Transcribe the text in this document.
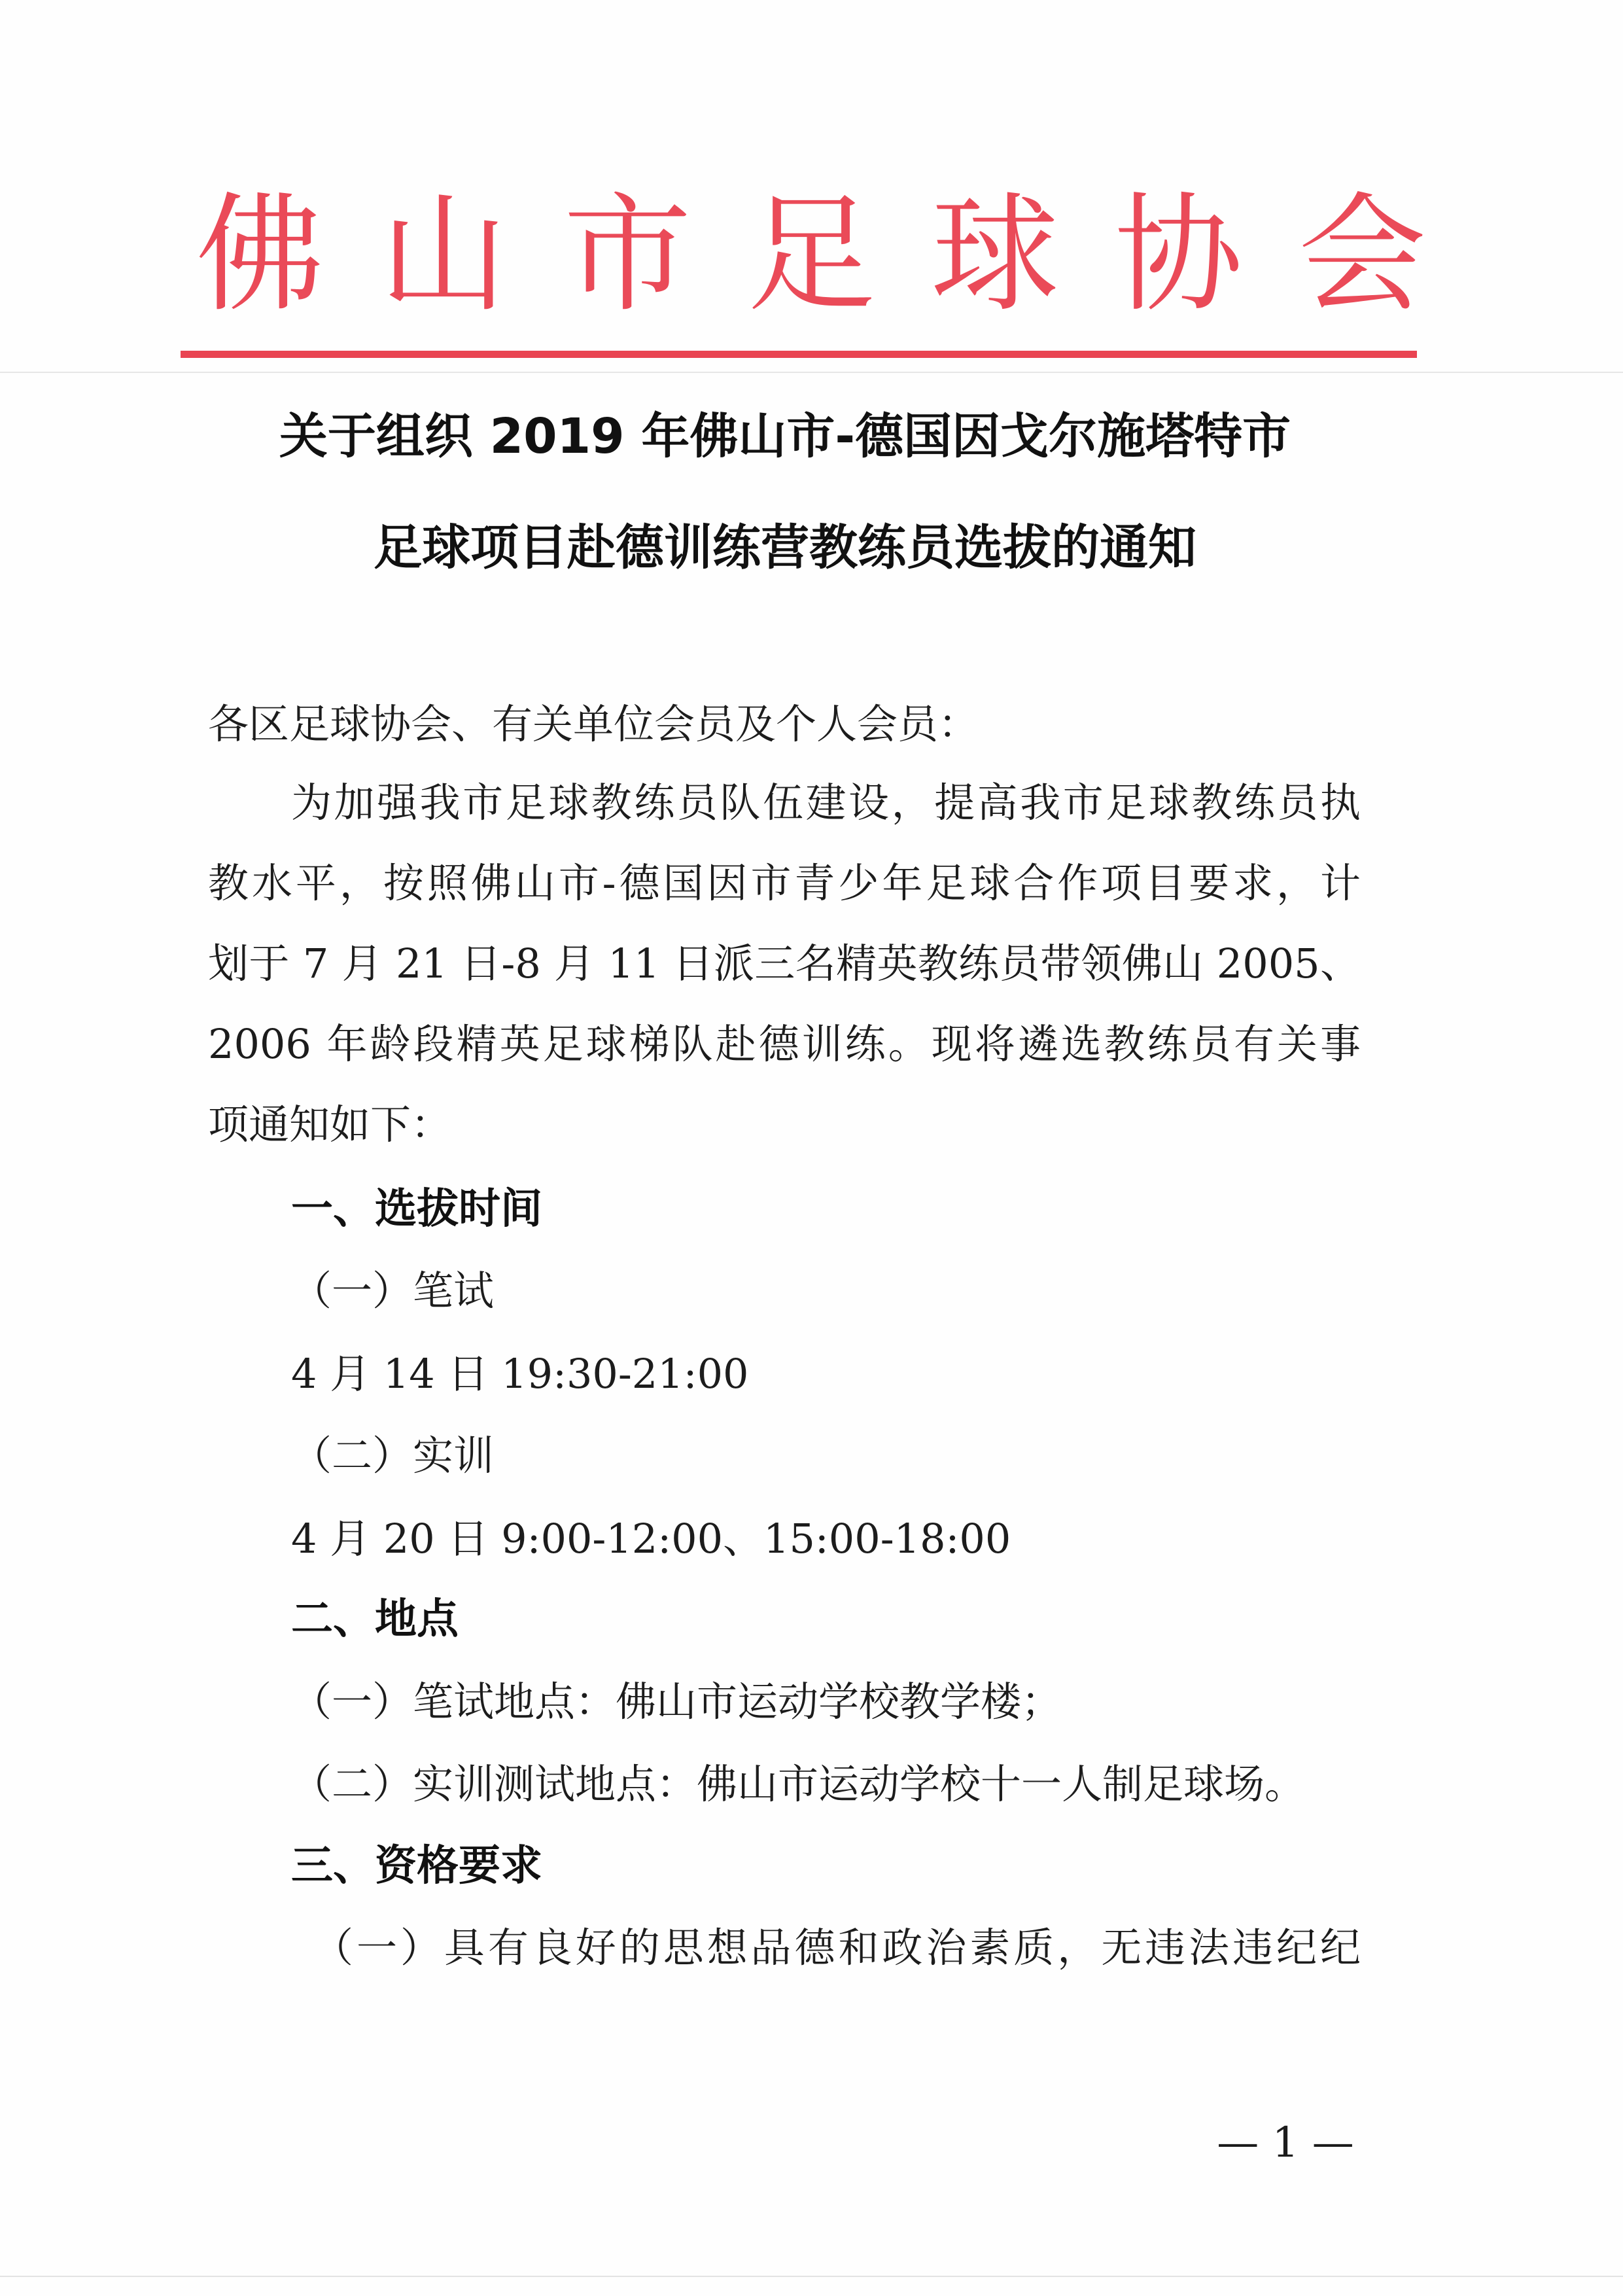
佛 山 市 足 球 协 会
关于组织 2019 年佛山市-德国因戈尔施塔特市
足球项目赴德训练营教练员选拔的通知
各区足球协会、有关单位会员及个人会员：
为加强我市足球教练员队伍建设，提高我市足球教练员执
教水平，按照佛山市-德国因市青少年足球合作项目要求，计
划于 7 月 21 日-8 月 11 日派三名精英教练员带领佛山 2005、
2006 年龄段精英足球梯队赴德训练。现将遴选教练员有关事
项通知如下：
一、选拔时间
（一）笔试
4 月 14 日 19:30-21:00
（二）实训
4 月 20 日 9:00-12:00、15:00-18:00
二、地点
（一）笔试地点：佛山市运动学校教学楼；
（二）实训测试地点：佛山市运动学校十一人制足球场。
三、资格要求
（一）具有良好的思想品德和政治素质，无违法违纪纪
— 1 —
